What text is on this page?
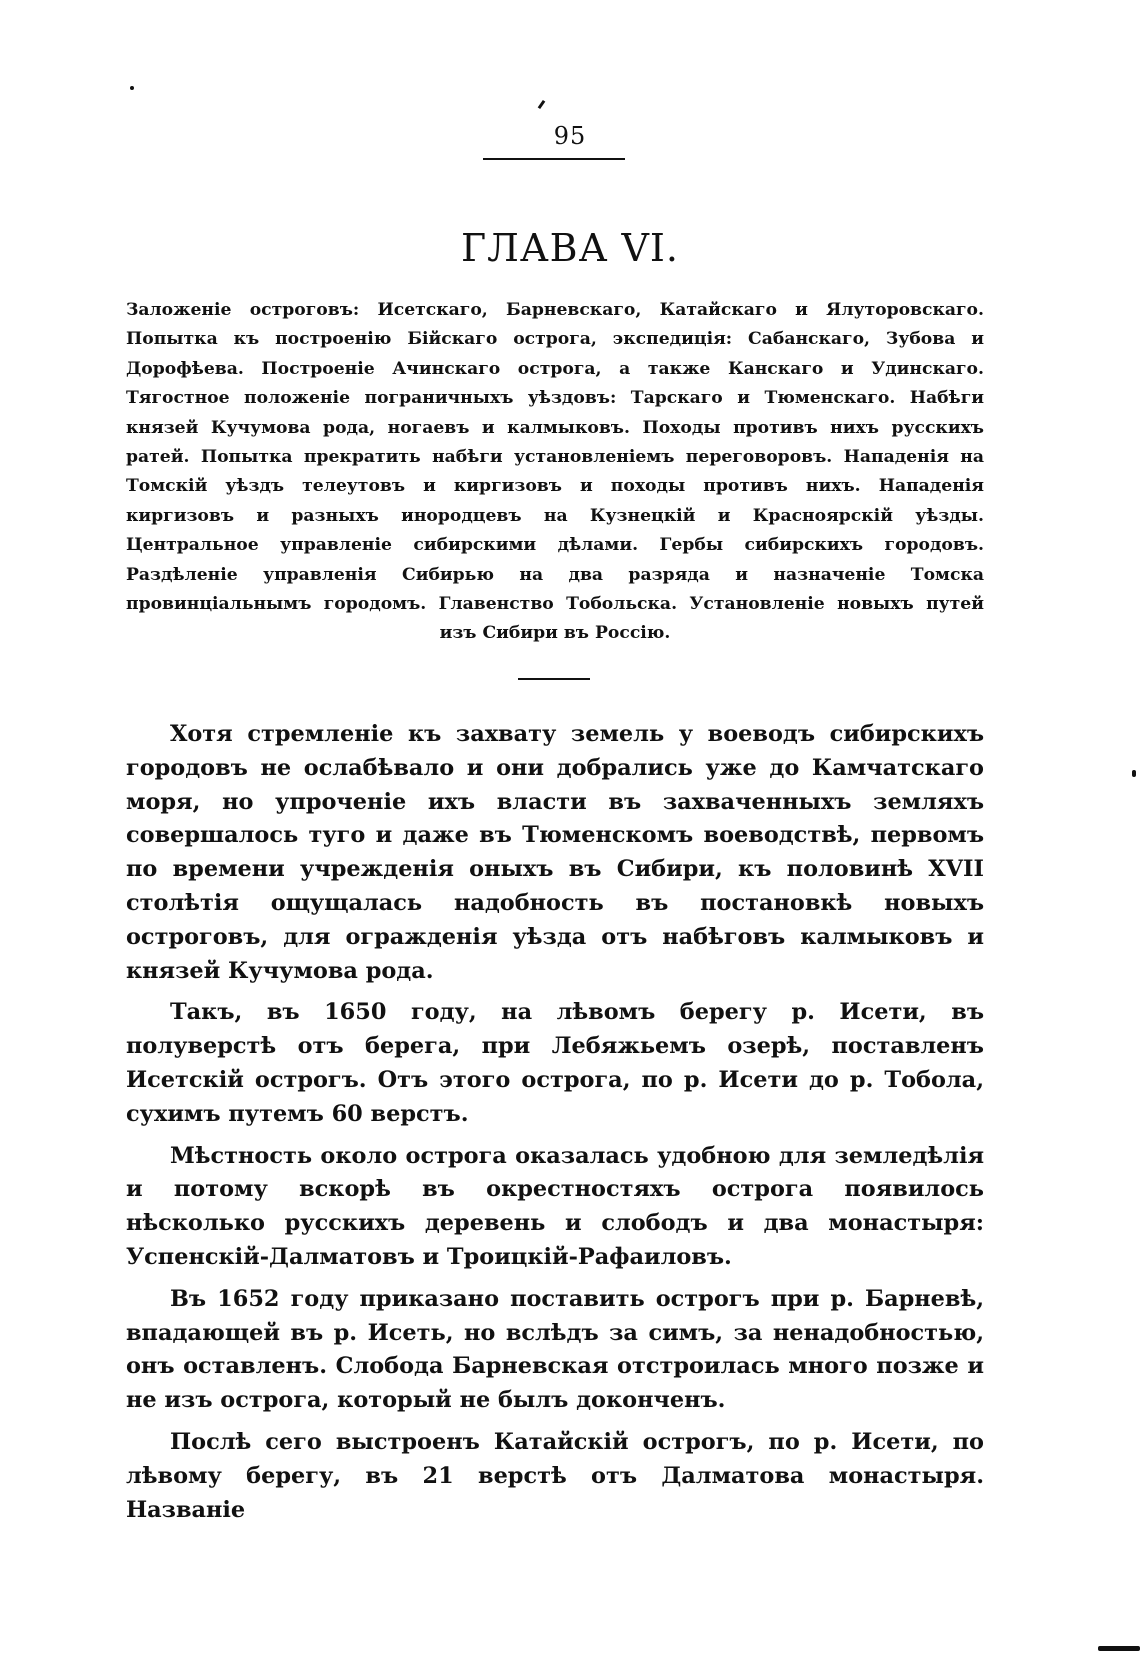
95
ГЛАВА VI.

Заложенiе остроговъ: Исетскаго, Барневскаго, Катайскаго и Ялуторовскаго. Попытка къ построенiю Бiйскаго острога, экспедицiя: Сабанскаго, Зубова и Дорофѣева. Построенiе Ачинскаго острога, а также Канскаго и Удинскаго. Тягостное положенiе пограничныхъ уѣздовъ: Тарскаго и Тюменскаго. Набѣги князей Кучумова рода, ногаевъ и калмыковъ. Походы противъ нихъ русскихъ ратей. Попытка прекратить набѣги установленiемъ переговоровъ. Нападенiя на Томскiй уѣздъ телеутовъ и киргизовъ и походы противъ нихъ. Нападенiя киргизовъ и разныхъ инородцевъ на Кузнецкiй и Красноярскiй уѣзды. Центральное управленiе сибирскими дѣлами. Гербы сибирскихъ городовъ. Раздѣленiе управленiя Сибирью на два разряда и назначенiе Томска провинцiальнымъ городомъ. Главенство Тобольска. Установленiе новыхъ путей изъ Сибири въ Россiю.

Хотя стремленiе къ захвату земель у воеводъ сибирскихъ городовъ не ослабѣвало и они добрались уже до Камчатскаго моря, но упроченiе ихъ власти въ захваченныхъ земляхъ совершалось туго и даже въ Тюменскомъ воеводствѣ, первомъ по времени учрежденiя оныхъ въ Сибири, къ половинѣ XVII столѣтiя ощущалась надобность въ постановкѣ новыхъ остроговъ, для огражденiя уѣзда отъ набѣговъ калмыковъ и князей Кучумова рода.

Такъ, въ 1650 году, на лѣвомъ берегу р. Исети, въ полуверстѣ отъ берега, при Лебяжьемъ озерѣ, поставленъ Исетскiй острогъ. Отъ этого острога, по р. Исети до р. Тобола, сухимъ путемъ 60 верстъ.

Мѣстность около острога оказалась удобною для земледѣлiя и потому вскорѣ въ окрестностяхъ острога появилось нѣсколько русскихъ деревень и слободъ и два монастыря: Успенскiй-Далматовъ и Троицкiй-Рафаиловъ.

Въ 1652 году приказано поставить острогъ при р. Барневѣ, впадающей въ р. Исеть, но вслѣдъ за симъ, за ненадобностью, онъ оставленъ. Слобода Барневская отстроилась много позже и не изъ острога, который не былъ доконченъ.

Послѣ сего выстроенъ Катайскiй острогъ, по р. Исети, по лѣвому берегу, въ 21 верстѣ отъ Далматова монастыря. Названiе
